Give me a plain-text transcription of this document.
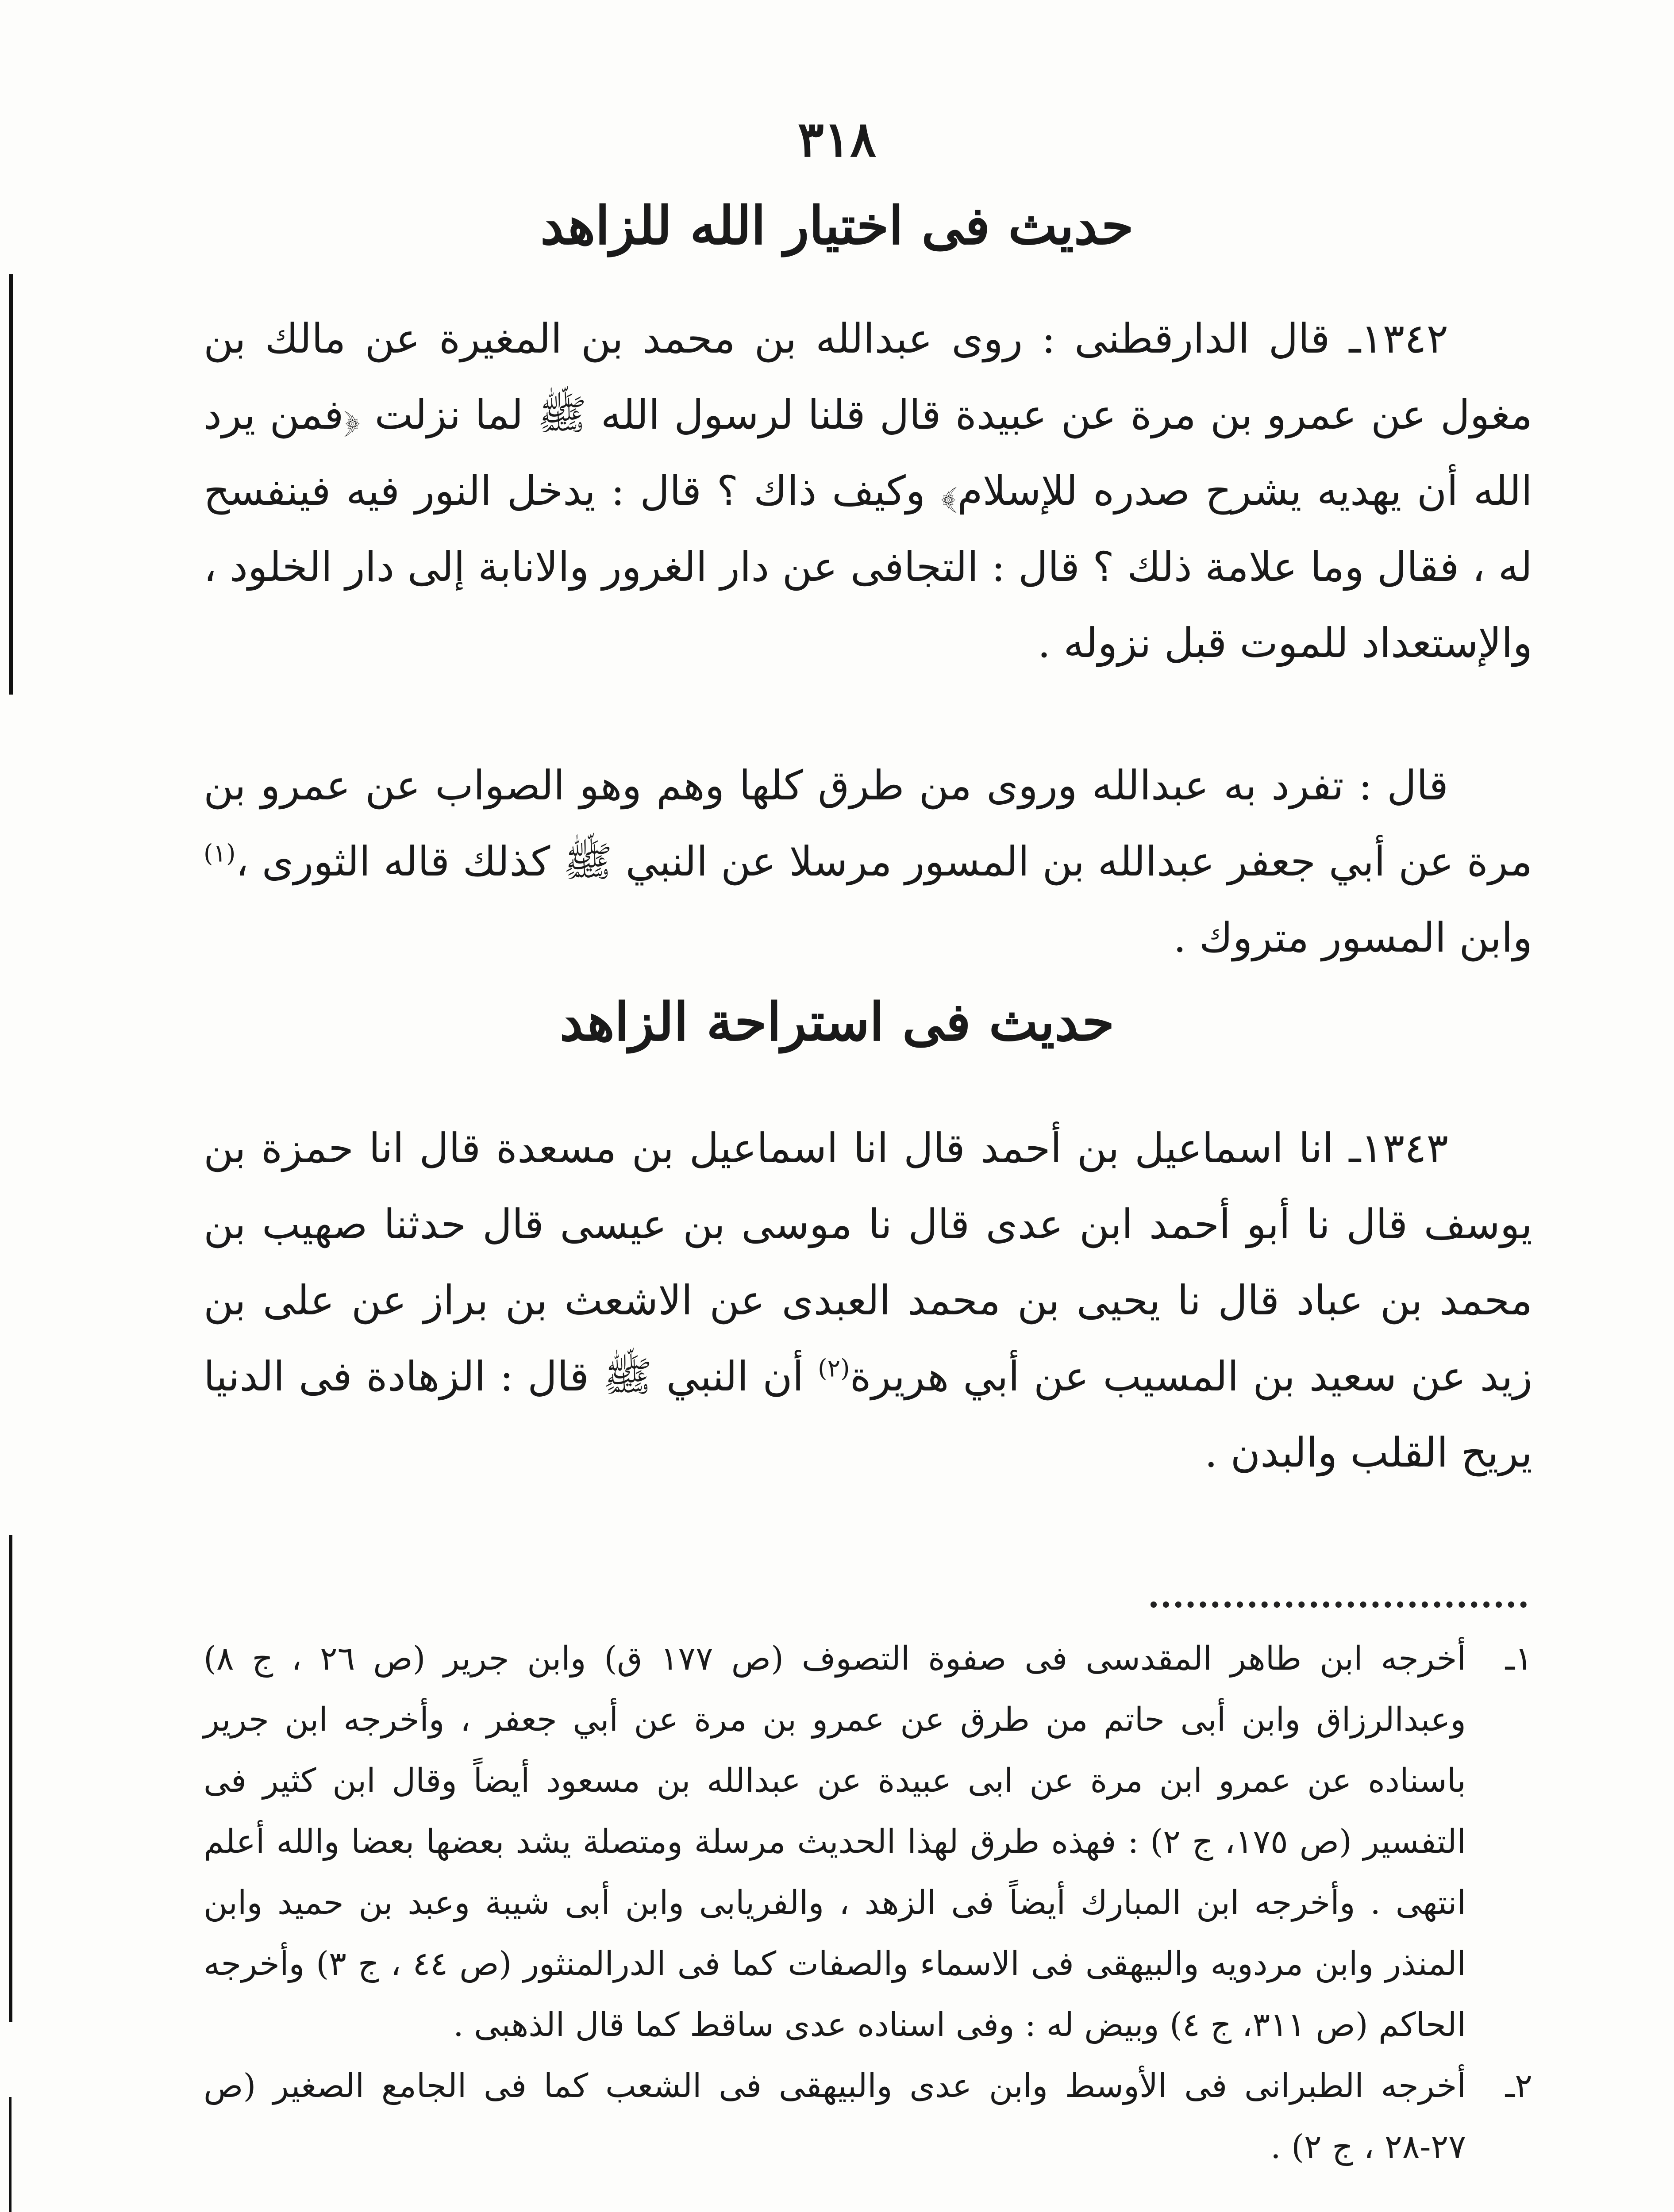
٣١٨
حديث فى اختيار الله للزاهد

١٣٤٢ـ قال الدارقطنى : روى عبدالله بن محمد بن المغيرة عن مالك بن مغول عن عمرو بن مرة عن عبيدة قال قلنا لرسول الله ﷺ لما نزلت ﴿فمن يرد الله أن يهديه يشرح صدره للإسلام﴾ وكيف ذاك ؟ قال : يدخل النور فيه فينفسح له ، فقال وما علامة ذلك ؟ قال : التجافى عن دار الغرور والانابة إلى دار الخلود ، والإستعداد للموت قبل نزوله .

قال : تفرد به عبدالله وروى من طرق كلها وهم وهو الصواب عن عمرو بن مرة عن أبي جعفر عبدالله بن المسور مرسلا عن النبي ﷺ كذلك قاله الثورى ،$^{(١)}$ وابن المسور متروك .

حديث فى استراحة الزاهد

١٣٤٣ـ انا اسماعيل بن أحمد قال انا اسماعيل بن مسعدة قال انا حمزة بن يوسف قال نا أبو أحمد ابن عدى قال نا موسى بن عيسى قال حدثنا صهيب بن محمد بن عباد قال نا يحيى بن محمد العبدى عن الاشعث بن براز عن على بن زيد عن سعيد بن المسيب عن أبي هريرة$^{(٢)}$ أن النبي ﷺ قال : الزهادة فى الدنيا يريح القلب والبدن .

١ـ
أخرجه ابن طاهر المقدسى فى صفوة التصوف (ص ١٧٧ ق) وابن جرير (ص ٢٦ ، ج ٨) وعبدالرزاق وابن أبى حاتم من طرق عن عمرو بن مرة عن أبي جعفر ، وأخرجه ابن جرير باسناده عن عمرو ابن مرة عن ابى عبيدة عن عبدالله بن مسعود أيضاً وقال ابن كثير فى التفسير (ص ١٧٥، ج ٢) : فهذه طرق لهذا الحديث مرسلة ومتصلة يشد بعضها بعضا والله أعلم انتهى . وأخرجه ابن المبارك أيضاً فى الزهد ، والفريابى وابن أبى شيبة وعبد بن حميد وابن المنذر وابن مردويه والبيهقى فى الاسماء والصفات كما فى الدرالمنثور (ص ٤٤ ، ج ٣) وأخرجه الحاكم (ص ٣١١، ج ٤) وبيض له : وفى اسناده عدى ساقط كما قال الذهبى .

٢ـ
أخرجه الطبرانى فى الأوسط وابن عدى والبيهقى فى الشعب كما فى الجامع الصغير (ص ٢٧-٢٨ ، ج ٢) .
